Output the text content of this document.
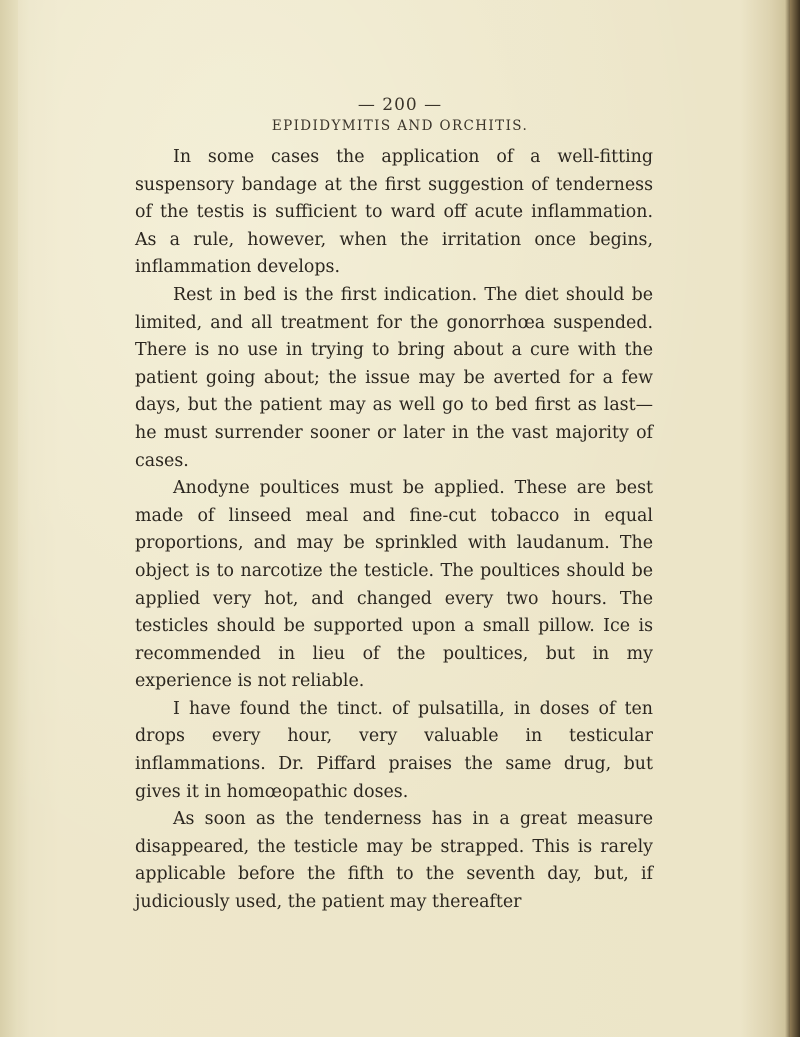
— 200 —
EPIDIDYMITIS AND ORCHITIS.

In some cases the application of a well-fitting suspensory bandage at the first suggestion of tenderness of the testis is sufficient to ward off acute inflammation. As a rule, however, when the irritation once begins, inflammation develops.

Rest in bed is the first indication. The diet should be limited, and all treatment for the gonorrhœa suspended. There is no use in trying to bring about a cure with the patient going about; the issue may be averted for a few days, but the patient may as well go to bed first as last—he must surrender sooner or later in the vast majority of cases.

Anodyne poultices must be applied. These are best made of linseed meal and fine-cut tobacco in equal proportions, and may be sprinkled with laudanum. The object is to narcotize the testicle. The poultices should be applied very hot, and changed every two hours. The testicles should be supported upon a small pillow. Ice is recommended in lieu of the poultices, but in my experience is not reliable.

I have found the tinct. of pulsatilla, in doses of ten drops every hour, very valuable in testicular inflammations. Dr. Piffard praises the same drug, but gives it in homœopathic doses.

As soon as the tenderness has in a great measure disappeared, the testicle may be strapped. This is rarely applicable before the fifth to the seventh day, but, if judiciously used, the patient may thereafter
